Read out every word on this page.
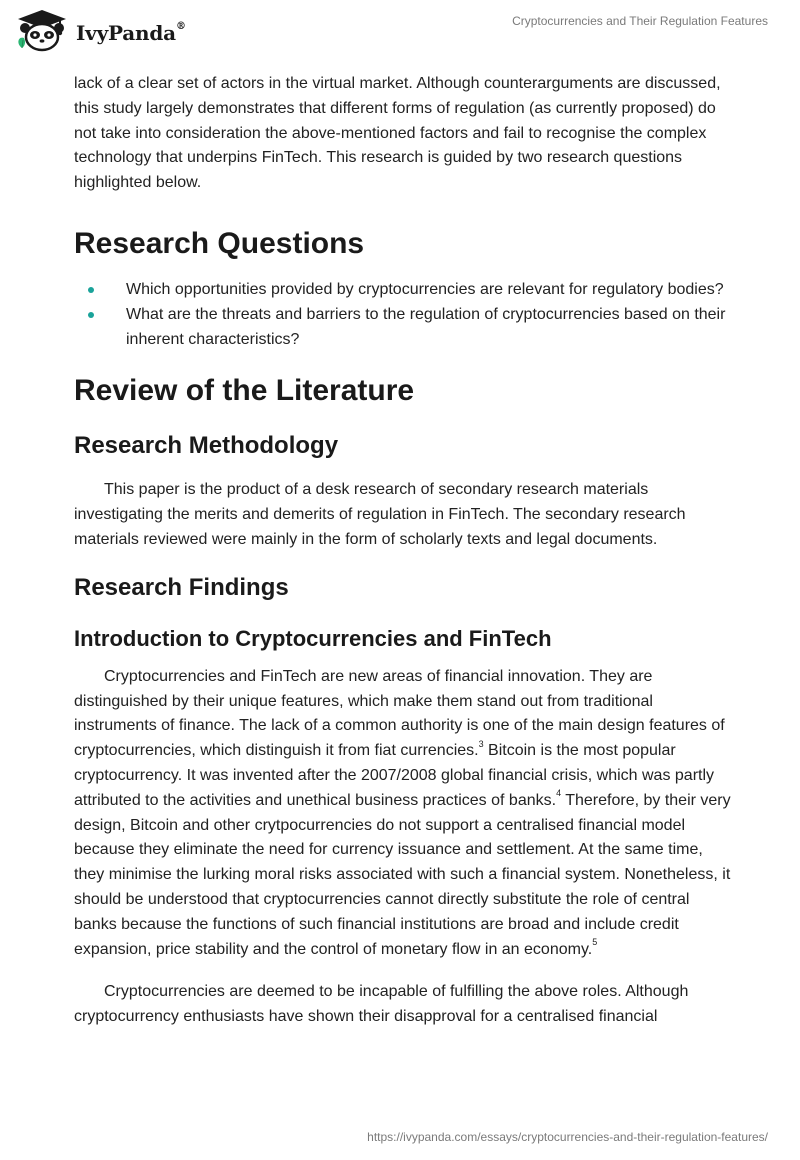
IvyPanda®	Cryptocurrencies and Their Regulation Features

lack of a clear set of actors in the virtual market. Although counterarguments are discussed, this study largely demonstrates that different forms of regulation (as currently proposed) do not take into consideration the above-mentioned factors and fail to recognise the complex technology that underpins FinTech. This research is guided by two research questions highlighted below.

Research Questions
Which opportunities provided by cryptocurrencies are relevant for regulatory bodies?
What are the threats and barriers to the regulation of cryptocurrencies based on their inherent characteristics?
Review of the Literature
Research Methodology

This paper is the product of a desk research of secondary research materials investigating the merits and demerits of regulation in FinTech. The secondary research materials reviewed were mainly in the form of scholarly texts and legal documents.

Research Findings
Introduction to Cryptocurrencies and FinTech

Cryptocurrencies and FinTech are new areas of financial innovation. They are distinguished by their unique features, which make them stand out from traditional instruments of finance. The lack of a common authority is one of the main design features of cryptocurrencies, which distinguish it from fiat currencies.$^3$ Bitcoin is the most popular cryptocurrency. It was invented after the 2007/2008 global financial crisis, which was partly attributed to the activities and unethical business practices of banks.$^4$ Therefore, by their very design, Bitcoin and other crytpocurrencies do not support a centralised financial model because they eliminate the need for currency issuance and settlement. At the same time, they minimise the lurking moral risks associated with such a financial system. Nonetheless, it should be understood that cryptocurrencies cannot directly substitute the role of central banks because the functions of such financial institutions are broad and include credit expansion, price stability and the control of monetary flow in an economy.$^5$

Cryptocurrencies are deemed to be incapable of fulfilling the above roles. Although cryptocurrency enthusiasts have shown their disapproval for a centralised financial

https://ivypanda.com/essays/cryptocurrencies-and-their-regulation-features/
